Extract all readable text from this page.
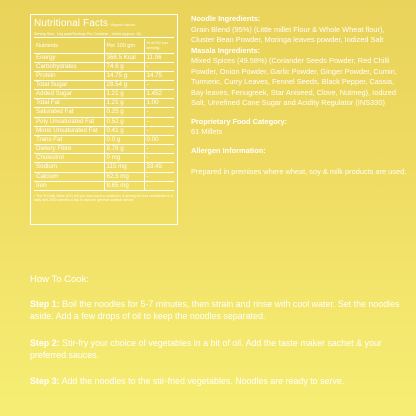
Nutritional Facts *Approx Values
Serving Size - 1Kg pack/Servings Per Container - Varies (approx. 10)
Nutrients	Per 100 gm	% of DV per serving
Energy	368.5 Kcal	11.06
Carbohydrates	74.6 g	-
Protein	14.75 g	14.75
Total Sugar	28.54 g	-
Added Sugar	1.21 g	1.452
Total Fat	1.21 g	1.00
Saturated Fat	0.25 g	-
Poly Unsaturated Fat	0.52 g	-
Mono Unsaturated Fat	0.41 g	-
Trans Fat	0.0 g	0.00
Dietery Fibre	8.78 g	-
Cholestrol	0 mg	-
Sodium	115 mg	33.45
Calcium	62.5 mg	-
Iron	8.65 mg	-
* The % Daily Value (DV) tell you how much a nutrient in a serving of food contributes to a daily diet 2000 calories a day is used for general nutrition advice.

Noodle Ingredients:

Grain Blend (95%) (Little millet Flour & Whole Wheat flour),

Cluster Bean Powder, Moringa leaves powder, Iodized Salt

Masala Ingredients:

Mixed Spices (49.58%) (Coriander Seeds Powder, Red Chilli

Powder, Onion Powder, Garlic Powder, Ginger Powder, Cumin,

Turmeric, Curry Leaves, Fennel Seeds, Black Pepper, Cassia,

Bay leaves, Fenugreek, Star Aniseed, Clove, Nutmeg), Iodized

Salt, Unrefined Cane Sugar and Acidity Regulator (INS330)

Proprietary Food Category:

61 Millets

Allergen Information:

Prepared in premises where wheat, soy & milk products are used.

How To Cook:
Step 1: Boil the noodles for 5-7 minutes, then strain and rinse with cool water. Set the noodles aside. Add a few drops of oil to keep the noodles separated.
Step 2: Stir-fry your choice of vegetables in a bit of oil. Add the taste maker sachet & your preferred sauces.
Step 3: Add the noodles to the stir-fried vegetables. Noodles are ready to serve.
